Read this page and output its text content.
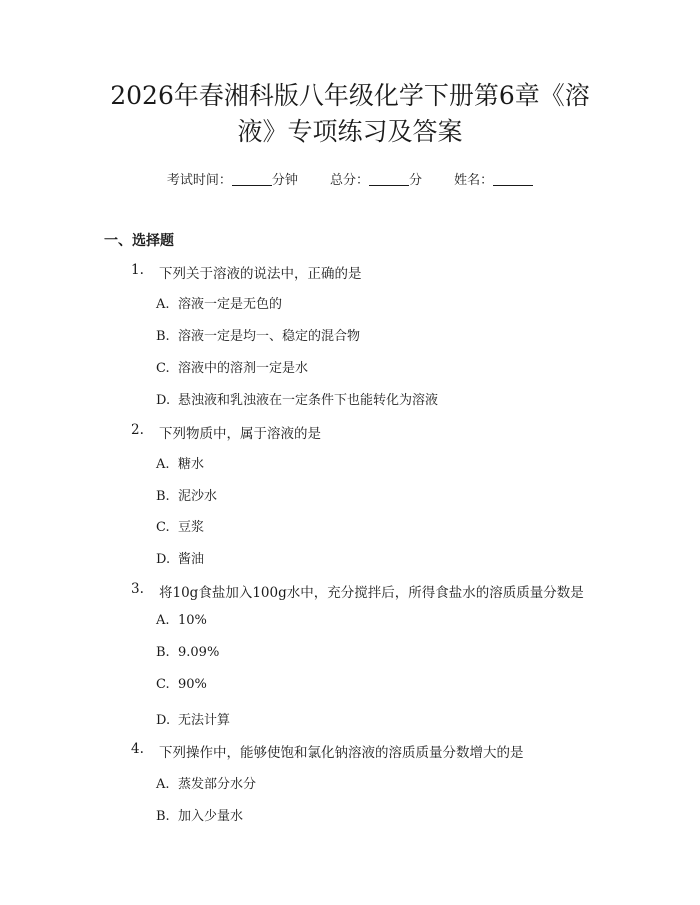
2026年春湘科版八年级化学下册第6章《溶
液》专项练习及答案
考试时间：	分钟 总分：	分 姓名：
一、选择题
1. 下列关于溶液的说法中，正确的是
A. 溶液一定是无色的
B. 溶液一定是均一、稳定的混合物
C. 溶液中的溶剂一定是水
D. 悬浊液和乳浊液在一定条件下也能转化为溶液
2. 下列物质中，属于溶液的是
A. 糖水
B. 泥沙水
C. 豆浆
D. 酱油
3. 将10g食盐加入100g水中，充分搅拌后，所得食盐水的溶质质量分数是
A. 10%
B. 9.09%
C. 90%
D. 无法计算
4. 下列操作中，能够使饱和氯化钠溶液的溶质质量分数增大的是
A. 蒸发部分水分
B. 加入少量水
